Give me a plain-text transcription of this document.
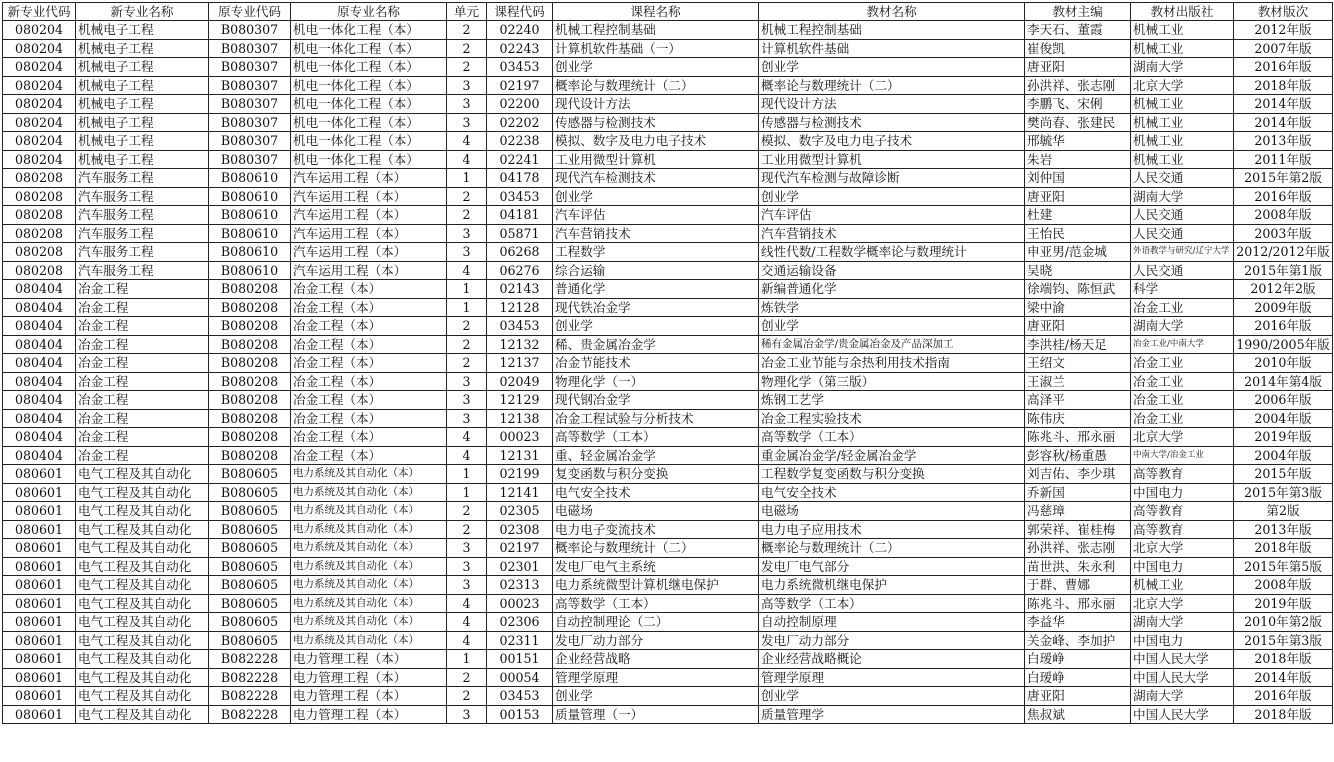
新专业代码	新专业名称	原专业代码	原专业名称	单元	课程代码	课程名称	教材名称	教材主编	教材出版社	教材版次
080204	机械电子工程	B080307	机电一体化工程（本）	2	02240	机械工程控制基础	机械工程控制基础	李天石、董霞	机械工业	2012年版
080204	机械电子工程	B080307	机电一体化工程（本）	2	02243	计算机软件基础（一）	计算机软件基础	崔俊凯	机械工业	2007年版
080204	机械电子工程	B080307	机电一体化工程（本）	2	03453	创业学	创业学	唐亚阳	湖南大学	2016年版
080204	机械电子工程	B080307	机电一体化工程（本）	3	02197	概率论与数理统计（二）	概率论与数理统计（二）	孙洪祥、张志刚	北京大学	2018年版
080204	机械电子工程	B080307	机电一体化工程（本）	3	02200	现代设计方法	现代设计方法	李鹏飞、宋俐	机械工业	2014年版
080204	机械电子工程	B080307	机电一体化工程（本）	3	02202	传感器与检测技术	传感器与检测技术	樊尚春、张建民	机械工业	2014年版
080204	机械电子工程	B080307	机电一体化工程（本）	4	02238	模拟、数字及电力电子技术	模拟、数字及电力电子技术	邢毓华	机械工业	2013年版
080204	机械电子工程	B080307	机电一体化工程（本）	4	02241	工业用微型计算机	工业用微型计算机	朱岩	机械工业	2011年版
080208	汽车服务工程	B080610	汽车运用工程（本）	1	04178	现代汽车检测技术	现代汽车检测与故障诊断	刘仲国	人民交通	2015年第2版
080208	汽车服务工程	B080610	汽车运用工程（本）	2	03453	创业学	创业学	唐亚阳	湖南大学	2016年版
080208	汽车服务工程	B080610	汽车运用工程（本）	2	04181	汽车评估	汽车评估	杜建	人民交通	2008年版
080208	汽车服务工程	B080610	汽车运用工程（本）	3	05871	汽车营销技术	汽车营销技术	王怡民	人民交通	2003年版
080208	汽车服务工程	B080610	汽车运用工程（本）	3	06268	工程数学	线性代数/工程数学概率论与数理统计	申亚男/范金城	外语教学与研究/辽宁大学	2012/2012年版
080208	汽车服务工程	B080610	汽车运用工程（本）	4	06276	综合运输	交通运输设备	吴晓	人民交通	2015年第1版
080404	冶金工程	B080208	冶金工程（本）	1	02143	普通化学	新编普通化学	徐端钧、陈恒武	科学	2012年2版
080404	冶金工程	B080208	冶金工程（本）	1	12128	现代铁冶金学	炼铁学	梁中渝	冶金工业	2009年版
080404	冶金工程	B080208	冶金工程（本）	2	03453	创业学	创业学	唐亚阳	湖南大学	2016年版
080404	冶金工程	B080208	冶金工程（本）	2	12132	稀、贵金属冶金学	稀有金属冶金学/贵金属冶金及产品深加工	李洪桂/杨天足	冶金工业/中南大学	1990/2005年版
080404	冶金工程	B080208	冶金工程（本）	2	12137	冶金节能技术	冶金工业节能与余热利用技术指南	王绍文	冶金工业	2010年版
080404	冶金工程	B080208	冶金工程（本）	3	02049	物理化学（一）	物理化学（第三版）	王淑兰	冶金工业	2014年第4版
080404	冶金工程	B080208	冶金工程（本）	3	12129	现代钢冶金学	炼钢工艺学	高泽平	冶金工业	2006年版
080404	冶金工程	B080208	冶金工程（本）	3	12138	冶金工程试验与分析技术	冶金工程实验技术	陈伟庆	冶金工业	2004年版
080404	冶金工程	B080208	冶金工程（本）	4	00023	高等数学（工本）	高等数学（工本）	陈兆斗、邢永丽	北京大学	2019年版
080404	冶金工程	B080208	冶金工程（本）	4	12131	重、轻金属冶金学	重金属冶金学/轻金属冶金学	彭容秋/杨重愚	中南大学/冶金工业	2004年版
080601	电气工程及其自动化	B080605	电力系统及其自动化（本）	1	02199	复变函数与积分变换	工程数学复变函数与积分变换	刘吉佑、李少琪	高等教育	2015年版
080601	电气工程及其自动化	B080605	电力系统及其自动化（本）	1	12141	电气安全技术	电气安全技术	乔新国	中国电力	2015年第3版
080601	电气工程及其自动化	B080605	电力系统及其自动化（本）	2	02305	电磁场	电磁场	冯慈璋	高等教育	第2版
080601	电气工程及其自动化	B080605	电力系统及其自动化（本）	2	02308	电力电子变流技术	电力电子应用技术	郭荣祥、崔桂梅	高等教育	2013年版
080601	电气工程及其自动化	B080605	电力系统及其自动化（本）	3	02197	概率论与数理统计（二）	概率论与数理统计（二）	孙洪祥、张志刚	北京大学	2018年版
080601	电气工程及其自动化	B080605	电力系统及其自动化（本）	3	02301	发电厂电气主系统	发电厂电气部分	苗世洪、朱永利	中国电力	2015年第5版
080601	电气工程及其自动化	B080605	电力系统及其自动化（本）	3	02313	电力系统微型计算机继电保护	电力系统微机继电保护	于群、曹娜	机械工业	2008年版
080601	电气工程及其自动化	B080605	电力系统及其自动化（本）	4	00023	高等数学（工本）	高等数学（工本）	陈兆斗、邢永丽	北京大学	2019年版
080601	电气工程及其自动化	B080605	电力系统及其自动化（本）	4	02306	自动控制理论（二）	自动控制原理	李益华	湖南大学	2010年第2版
080601	电气工程及其自动化	B080605	电力系统及其自动化（本）	4	02311	发电厂动力部分	发电厂动力部分	关金峰、李加护	中国电力	2015年第3版
080601	电气工程及其自动化	B082228	电力管理工程（本）	1	00151	企业经营战略	企业经营战略概论	白瑷峥	中国人民大学	2018年版
080601	电气工程及其自动化	B082228	电力管理工程（本）	2	00054	管理学原理	管理学原理	白瑷峥	中国人民大学	2014年版
080601	电气工程及其自动化	B082228	电力管理工程（本）	2	03453	创业学	创业学	唐亚阳	湖南大学	2016年版
080601	电气工程及其自动化	B082228	电力管理工程（本）	3	00153	质量管理（一）	质量管理学	焦叔斌	中国人民大学	2018年版
